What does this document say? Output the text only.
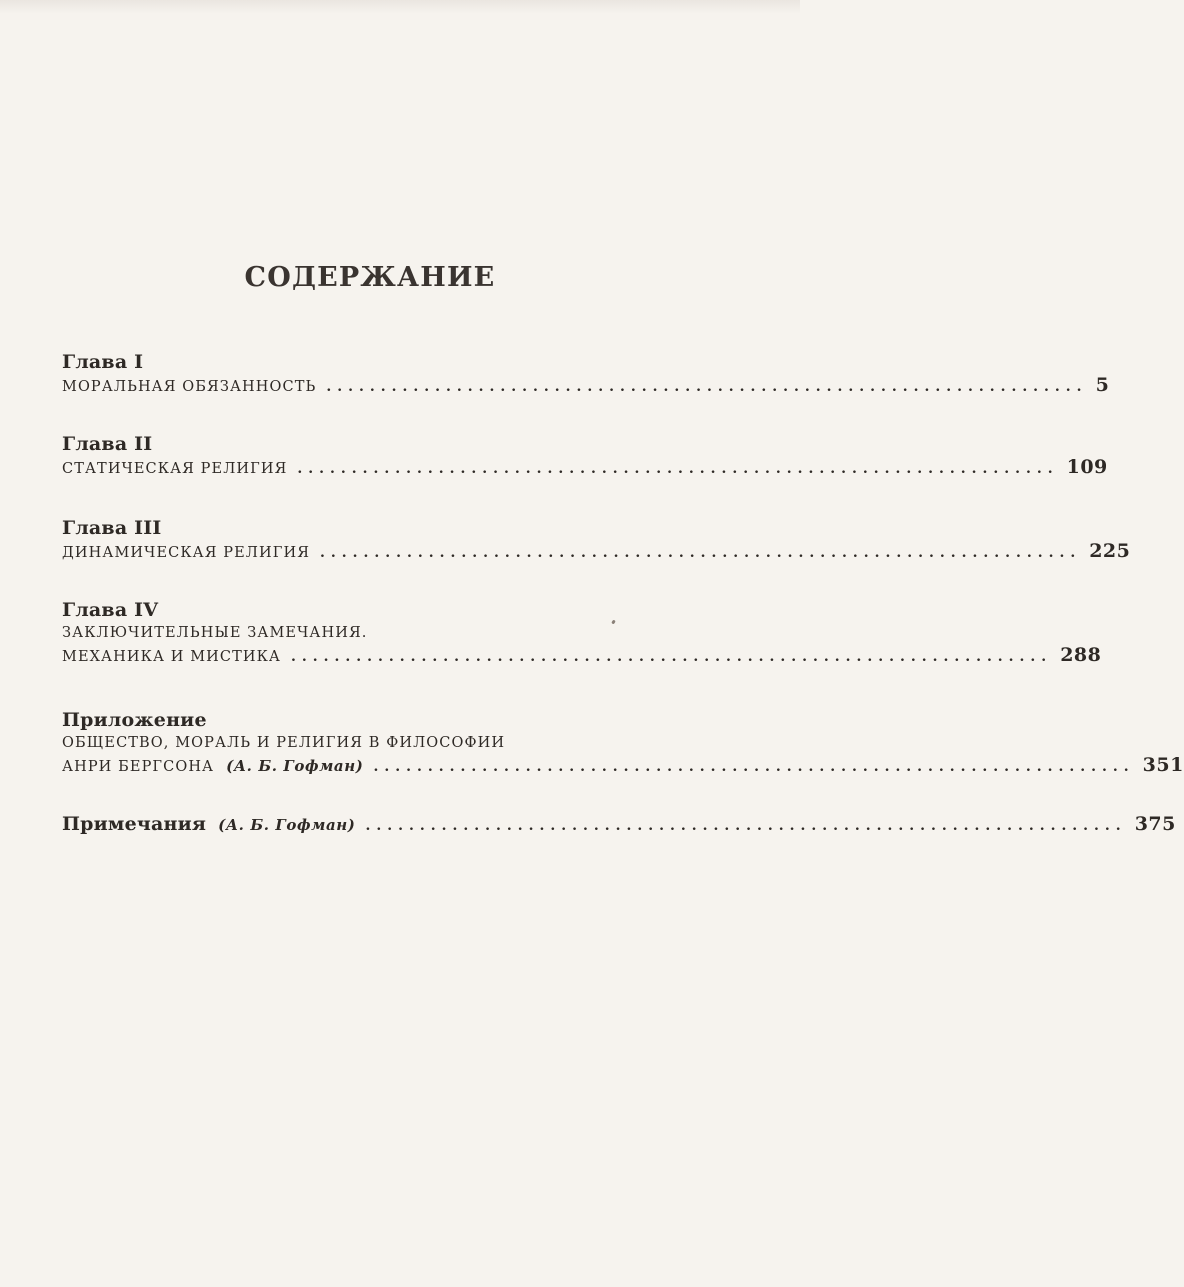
СОДЕРЖАНИЕ
Глава I
МОРАЛЬНАЯ ОБЯЗАННОСТЬ ...................................................................... 5
Глава II
СТАТИЧЕСКАЯ РЕЛИГИЯ ...................................................................... 109
Глава III
ДИНАМИЧЕСКАЯ РЕЛИГИЯ ...................................................................... 225
Глава IV
ЗАКЛЮЧИТЕЛЬНЫЕ ЗАМЕЧАНИЯ.
МЕХАНИКА И МИСТИКА ...................................................................... 288
Приложение
ОБЩЕСТВО, МОРАЛЬ И РЕЛИГИЯ В ФИЛОСОФИИ
АНРИ БЕРГСОНА (А. Б. Гофман) ...................................................................... 351
Примечания (А. Б. Гофман) ...................................................................... 375
